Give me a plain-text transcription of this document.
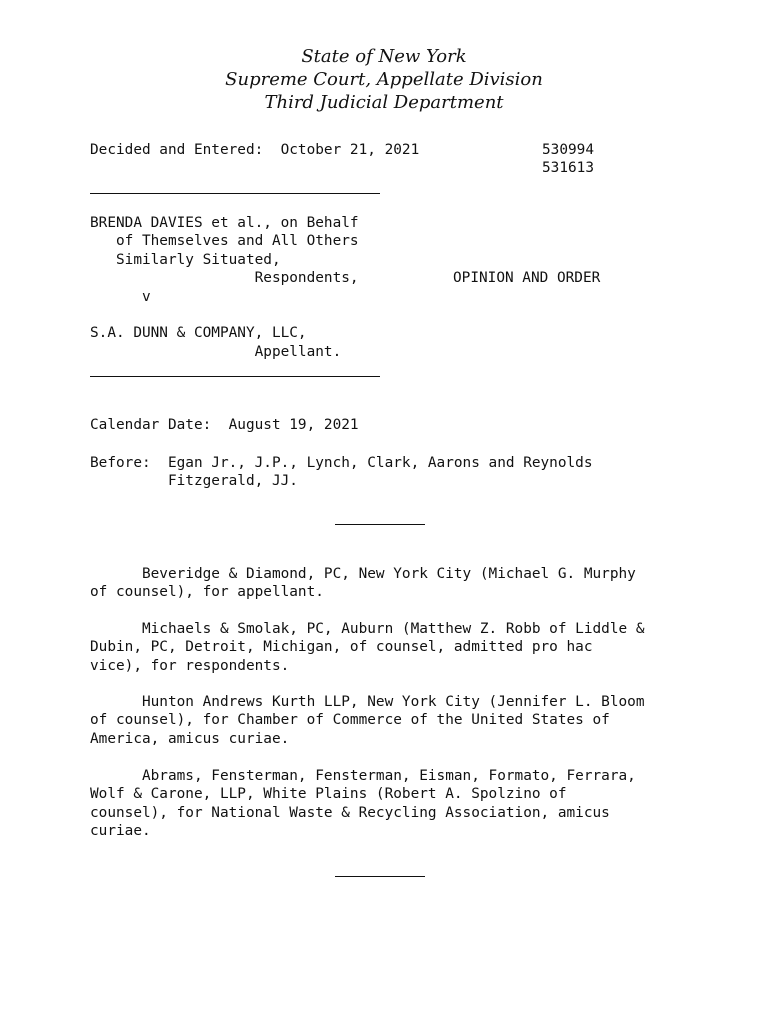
State of New York
Supreme Court, Appellate Division
Third Judicial Department
Decided and Entered:  October 21, 2021	530994
531613
BRENDA DAVIES et al., on Behalf
of Themselves and All Others
Similarly Situated,
Respondents,	OPINION AND ORDER
v
S.A. DUNN & COMPANY, LLC,
Appellant.
Calendar Date:  August 19, 2021
Before:  Egan Jr., J.P., Lynch, Clark, Aarons and Reynolds
Fitzgerald, JJ.
Beveridge & Diamond, PC, New York City (Michael G. Murphy
of counsel), for appellant.
Michaels & Smolak, PC, Auburn (Matthew Z. Robb of Liddle &
Dubin, PC, Detroit, Michigan, of counsel, admitted pro hac
vice), for respondents.
Hunton Andrews Kurth LLP, New York City (Jennifer L. Bloom
of counsel), for Chamber of Commerce of the United States of
America, amicus curiae.
Abrams, Fensterman, Fensterman, Eisman, Formato, Ferrara,
Wolf & Carone, LLP, White Plains (Robert A. Spolzino of
counsel), for National Waste & Recycling Association, amicus
curiae.
